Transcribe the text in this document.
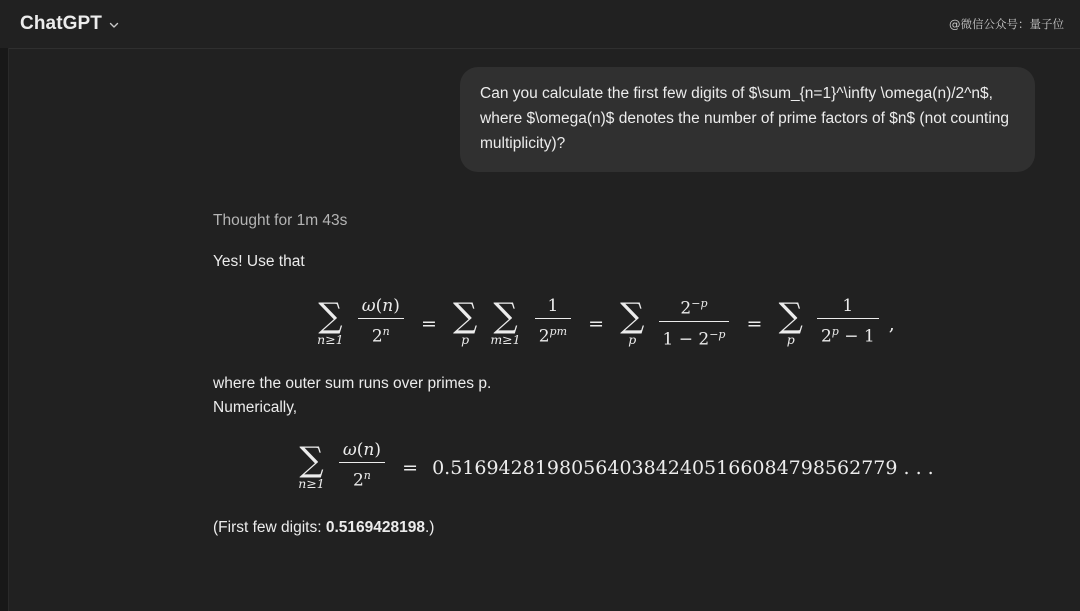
ChatGPT	@微信公众号：量子位
Can you calculate the first few digits of $\sum_{n=1}^\infty \omega(n)/2^n$, where $\omega(n)$ denotes the number of prime factors of $n$ (not counting multiplicity)?
Thought for 1m 43s

Yes! Use that

∑
n≥1
$\frac{\omega(n)}{2^n}$ = ∑
p
∑
m≥1
$\frac{1}{2^{pm}}$ = ∑
p
	$\frac{2^{-p}}{1 - 2^{-p}}$ = ∑
p
	$\frac{1}{2^p - 1}$ ,

where the outer sum runs over primes p.

Numerically,

∑
n≥1
$\frac{\omega(n)}{2^n} = 0.5169428198056403842405166084798562779$ . . .

(First few digits: 0.5169428198.)
